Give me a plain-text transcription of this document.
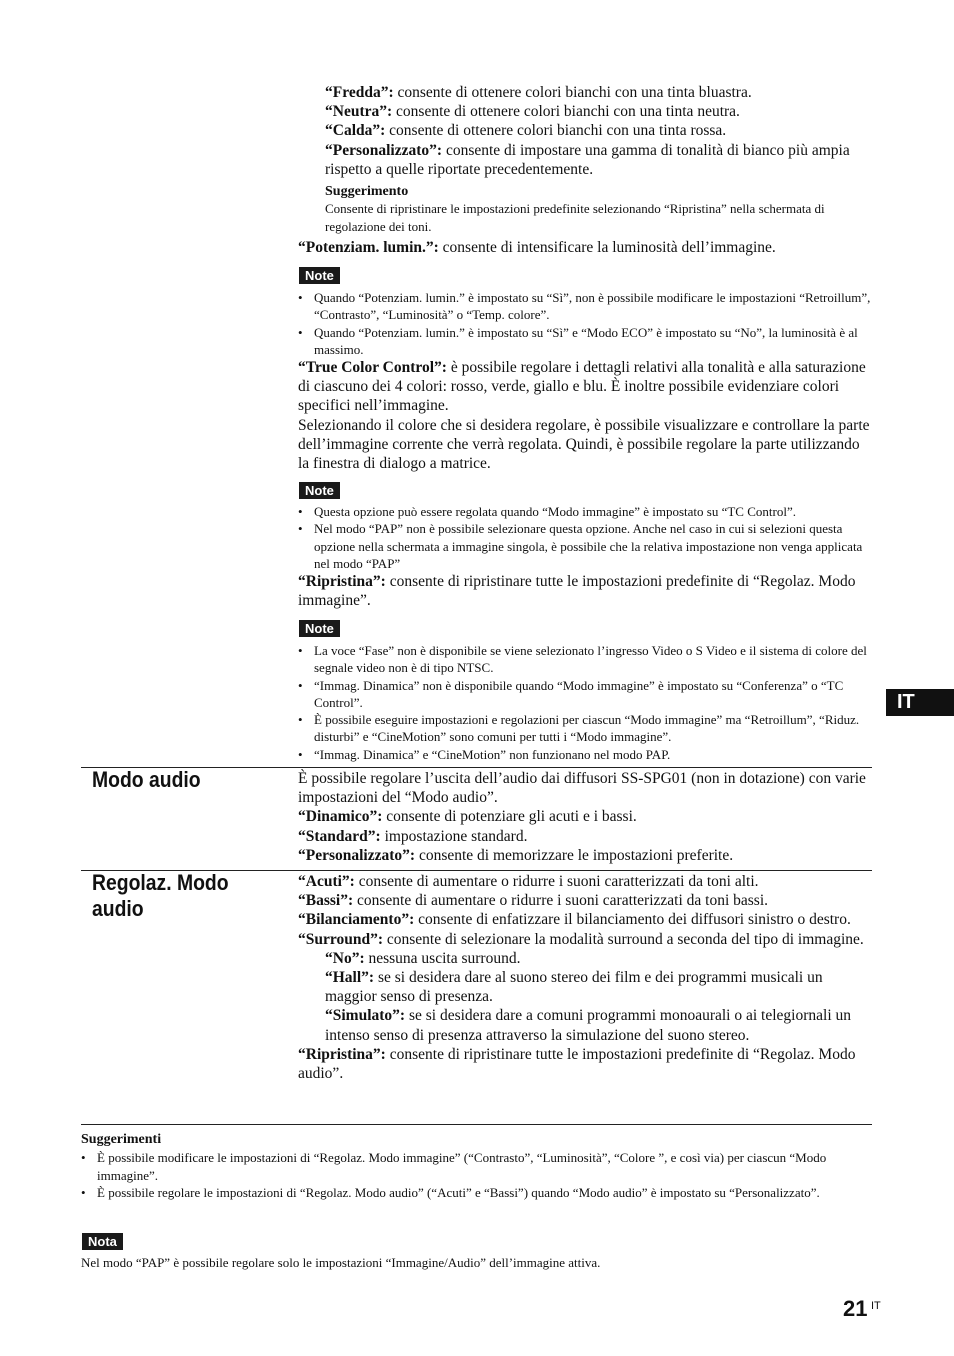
“Fredda”: consente di ottenere colori bianchi con una tinta bluastra.
“Neutra”: consente di ottenere colori bianchi con una tinta neutra.
“Calda”: consente di ottenere colori bianchi con una tinta rossa.
“Personalizzato”: consente di impostare una gamma di tonalità di bianco più ampia rispetto a quelle riportate precedentemente.
Suggerimento
Consente di ripristinare le impostazioni predefinite selezionando “Ripristina” nella schermata di regolazione dei toni.
“Potenziam. lumin.”: consente di intensificare la luminosità dell’immagine.
Note
• Quando “Potenziam. lumin.” è impostato su “Sì”, non è possibile modificare le impostazioni “Retroillum”, “Contrasto”, “Luminosità” o “Temp. colore”.
• Quando “Potenziam. lumin.” è impostato su “Sì” e “Modo ECO” è impostato su “No”, la luminosità è al massimo.
“True Color Control”: è possibile regolare i dettagli relativi alla tonalità e alla saturazione di ciascuno dei 4 colori: rosso, verde, giallo e blu. È inoltre possibile evidenziare colori specifici nell’immagine.
Selezionando il colore che si desidera regolare, è possibile visualizzare e controllare la parte dell’immagine corrente che verrà regolata. Quindi, è possibile regolare la parte utilizzando la finestra di dialogo a matrice.
Note
• Questa opzione può essere regolata quando “Modo immagine” è impostato su “TC Control”.
• Nel modo “PAP” non è possibile selezionare questa opzione. Anche nel caso in cui si selezioni questa opzione nella schermata a immagine singola, è possibile che la relativa impostazione non venga applicata nel modo “PAP”
“Ripristina”: consente di ripristinare tutte le impostazioni predefinite di “Regolaz. Modo immagine”.
Note
• La voce “Fase” non è disponibile se viene selezionato l’ingresso Video o S Video e il sistema di colore del segnale video non è di tipo NTSC.
• “Immag. Dinamica” non è disponibile quando “Modo immagine” è impostato su “Conferenza” o “TC Control”.
• È possibile eseguire impostazioni e regolazioni per ciascun “Modo immagine” ma “Retroillum”, “Riduz. disturbi” e “CineMotion” sono comuni per tutti i “Modo immagine”.
• “Immag. Dinamica” e “CineMotion” non funzionano nel modo PAP.
IT
Modo audio	È possibile regolare l’uscita dell’audio dai diffusori SS-SPG01 (non in dotazione) con varie impostazioni del “Modo audio”.
“Dinamico”: consente di potenziare gli acuti e i bassi.
“Standard”: impostazione standard.
“Personalizzato”: consente di memorizzare le impostazioni preferite.
Regolaz. Modo
audio
“Acuti”: consente di aumentare o ridurre i suoni caratterizzati da toni alti.
“Bassi”: consente di aumentare o ridurre i suoni caratterizzati da toni bassi.
“Bilanciamento”: consente di enfatizzare il bilanciamento dei diffusori sinistro o destro.
“Surround”: consente di selezionare la modalità surround a seconda del tipo di immagine.
“No”: nessuna uscita surround.
“Hall”: se si desidera dare al suono stereo dei film e dei programmi musicali un maggior senso di presenza.
“Simulato”: se si desidera dare a comuni programmi monoaurali o ai telegiornali un intenso senso di presenza attraverso la simulazione del suono stereo.
“Ripristina”: consente di ripristinare tutte le impostazioni predefinite di “Regolaz. Modo audio”.
Suggerimenti
• È possibile modificare le impostazioni di “Regolaz. Modo immagine” (“Contrasto”, “Luminosità”, “Colore ”, e così via) per ciascun “Modo immagine”.
• È possibile regolare le impostazioni di “Regolaz. Modo audio” (“Acuti” e “Bassi”) quando “Modo audio” è impostato su “Personalizzato”.
Nota
Nel modo “PAP” è possibile regolare solo le impostazioni “Immagine/Audio” dell’immagine attiva.
21 IT
